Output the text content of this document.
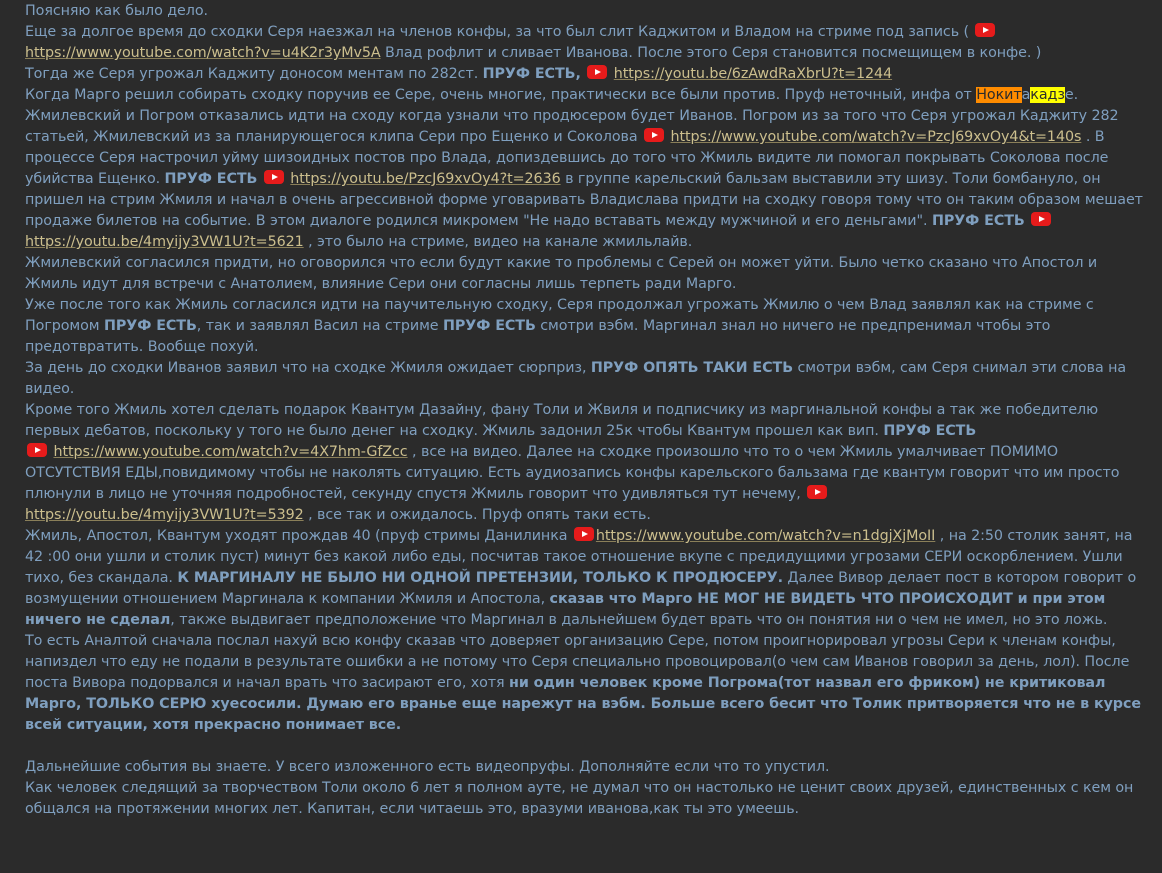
Поясняю как было дело.
Еще за долгое время до сходки Серя наезжал на членов конфы, за что был слит Каджитом и Владом на стриме под запись (
https://www.youtube.com/watch?v=u4K2r3yMv5A Влад рофлит и сливает Иванова. После этого Серя становится посмещищем в конфе. )
Тогда же Серя угрожал Каджиту доносом ментам по 282ст. ПРУФ ЕСТЬ, https://youtu.be/6zAwdRaXbrU?t=1244
Когда Марго решил собирать сходку поручив ее Сере, очень многие, практически все были против. Пруф неточный, инфа от Нокитакадзе.
Жмилевский и Погром отказались идти на сходу когда узнали что продюсером будет Иванов. Погром из за того что Серя угрожал Каджиту 282 статьей, Жмилевский из за планирующегося клипа Сери про Ещенко и Соколова https://www.youtube.com/watch?v=PzcJ69xvOy4&t=140s . В процессе Серя настрочил уйму шизоидных постов про Влада, допиздевшись до того что Жмиль видите ли помогал покрывать Соколова после убийства Ещенко. ПРУФ ЕСТЬ https://youtu.be/PzcJ69xvOy4?t=2636 в группе карельский бальзам выставили эту шизу. Толи бомбануло, он пришел на стрим Жмиля и начал в очень агрессивной форме уговаривать Владислава придти на сходку говоря тому что он таким образом мешает продаже билетов на событие. В этом диалоге родился микромем "Не надо вставать между мужчиной и его деньгами". ПРУФ ЕСТЬ  https://youtu.be/4myijy3VW1U?t=5621 , это было на стриме, видео на канале жмильлайв.
Жмилевский согласился придти, но оговорился что если будут какие то проблемы с Серей он может уйти. Было четко сказано что Апостол и Жмиль идут для встречи с Анатолием, влияние Сери они согласны лишь терпеть ради Марго.
Уже после того как Жмиль согласился идти на паучительную сходку, Серя продолжал угрожать Жмилю о чем Влад заявлял как на стриме с Погромом ПРУФ ЕСТЬ, так и заявлял Васил на стриме ПРУФ ЕСТЬ смотри вэбм. Маргинал знал но ничего не предпренимал чтобы это предотвратить. Вообще похуй.
За день до сходки Иванов заявил что на сходке Жмиля ожидает сюрприз, ПРУФ ОПЯТЬ ТАКИ ЕСТЬ смотри вэбм, сам Серя снимал эти слова на видео.
Кроме того Жмиль хотел сделать подарок Квантум Дазайну, фану Толи и Жвиля и подписчику из маргинальной конфы а так же победителю первых дебатов, поскольку у того не было денег на сходку. Жмиль задонил 25к чтобы Квантум прошел как вип. ПРУФ ЕСТЬ
https://www.youtube.com/watch?v=4X7hm-GfZcc , все на видео. Далее на сходке произошло что то о чем Жмиль умалчивает ПОМИМО ОТСУТСТВИЯ ЕДЫ,повидимому чтобы не наколять ситуацию. Есть аудиозапись конфы карельского бальзама где квантум говорит что им просто плюнули в лицо не уточняя подробностей, секунду спустя Жмиль говорит что удивляться тут нечему,
https://youtu.be/4myijy3VW1U?t=5392 , все так и ожидалось. Пруф опять таки есть.
Жмиль, Апостол, Квантум уходят прождав 40 (пруф стримы Данилинка https://www.youtube.com/watch?v=n1dgjXjMoII , на 2:50 столик занят, на 42 :00 они ушли и столик пуст) минут без какой либо еды, посчитав такое отношение вкупе с предидущими угрозами СЕРИ оскорблением. Ушли тихо, без скандала. К МАРГИНАЛУ НЕ БЫЛО НИ ОДНОЙ ПРЕТЕНЗИИ, ТОЛЬКО К ПРОДЮСЕРУ. Далее Вивор делает пост в котором говорит о возмущении отношением Маргинала к компании Жмиля и Апостола, сказав что Марго НЕ МОГ НЕ ВИДЕТЬ ЧТО ПРОИСХОДИТ и при этом ничего не сделал, также выдвигает предположение что Маргинал в дальнейшем будет врать что он понятия ни о чем не имел, но это ложь.
То есть Аналтой сначала послал нахуй всю конфу сказав что доверяет организацию Сере, потом проигнорировал угрозы Сери к членам конфы, напиздел что еду не подали в результате ошибки а не потому что Серя специально провоцировал(о чем сам Иванов говорил за день, лол). После поста Вивора подорвался и начал врать что засирают его, хотя ни один человек кроме Погрома(тот назвал его фриком) не критиковал Марго, ТОЛЬКО СЕРЮ хуесосили. Думаю его вранье еще нарежут на вэбм. Больше всего бесит что Толик притворяется что не в курсе всей ситуации, хотя прекрасно понимает все.
Дальнейшие события вы знаете. У всего изложенного есть видеопруфы. Дополняйте если что то упустил.
Как человек следящий за творчеством Толи около 6 лет я полном ауте, не думал что он настолько не ценит своих друзей, единственных с кем он общался на протяжении многих лет. Капитан, если читаешь это, вразуми иванова,как ты это умеешь.
